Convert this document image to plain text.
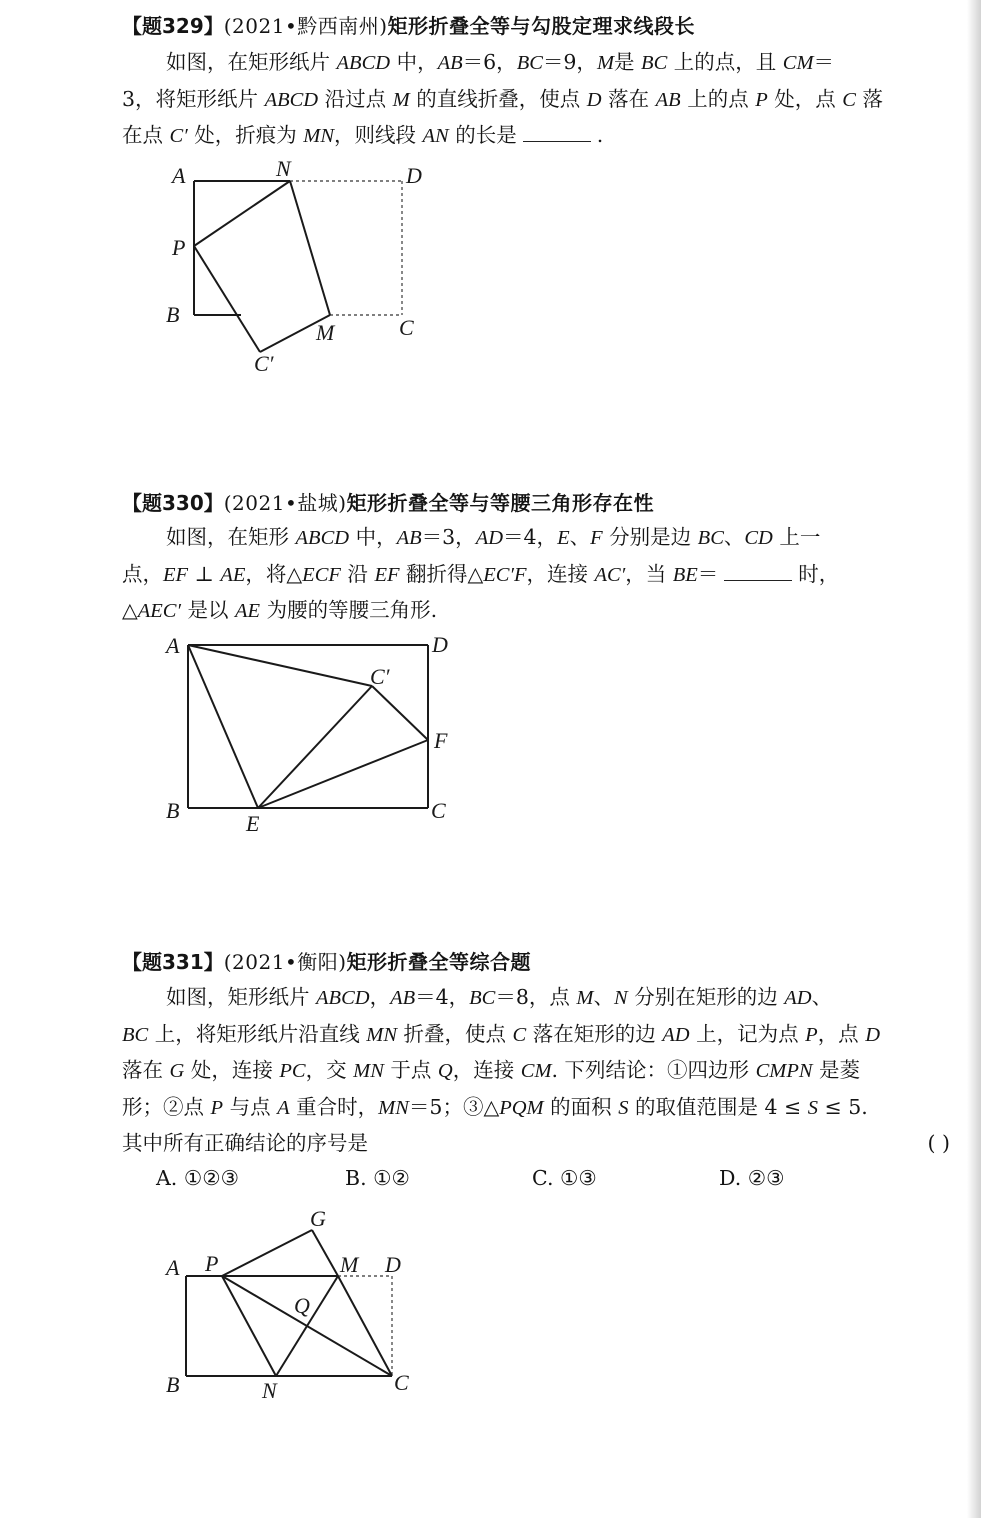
【题329】(2021•黔西南州)矩形折叠全等与勾股定理求线段长
如图，在矩形纸片 ABCD 中，AB＝6，BC＝9，M是 BC 上的点，且 CM＝
3，将矩形纸片 ABCD 沿过点 M 的直线折叠，使点 D 落在 AB 上的点 P 处，点 C 落
在点 C′ 处，折痕为 MN，则线段 AN 的长是	.
A	N	D
P
B
M	C
C′
【题330】(2021•盐城)矩形折叠全等与等腰三角形存在性
如图，在矩形 ABCD 中，AB＝3，AD＝4，E、F 分别是边 BC、CD 上一
点，EF ⊥ AE，将△ECF 沿 EF 翻折得△EC′F，连接 AC′，当 BE＝	时，
△AEC′ 是以 AE 为腰的等腰三角形.
A	D
C′
F
B
E
C
【题331】(2021•衡阳)矩形折叠全等综合题
如图，矩形纸片 ABCD，AB＝4，BC＝8，点 M、N 分别在矩形的边 AD、
BC 上，将矩形纸片沿直线 MN 折叠，使点 C 落在矩形的边 AD 上，记为点 P，点 D
落在 G 处，连接 PC，交 MN 于点 Q，连接 CM. 下列结论：①四边形 CMPN 是菱
形；②点 P 与点 A 重合时，MN＝5；③△PQM 的面积 S 的取值范围是 4 ≤ S ≤ 5.
其中所有正确结论的序号是	( )
A. ①②③	B. ①②	C. ①③	D. ②③
G
A P	M D
Q
B	N	C
